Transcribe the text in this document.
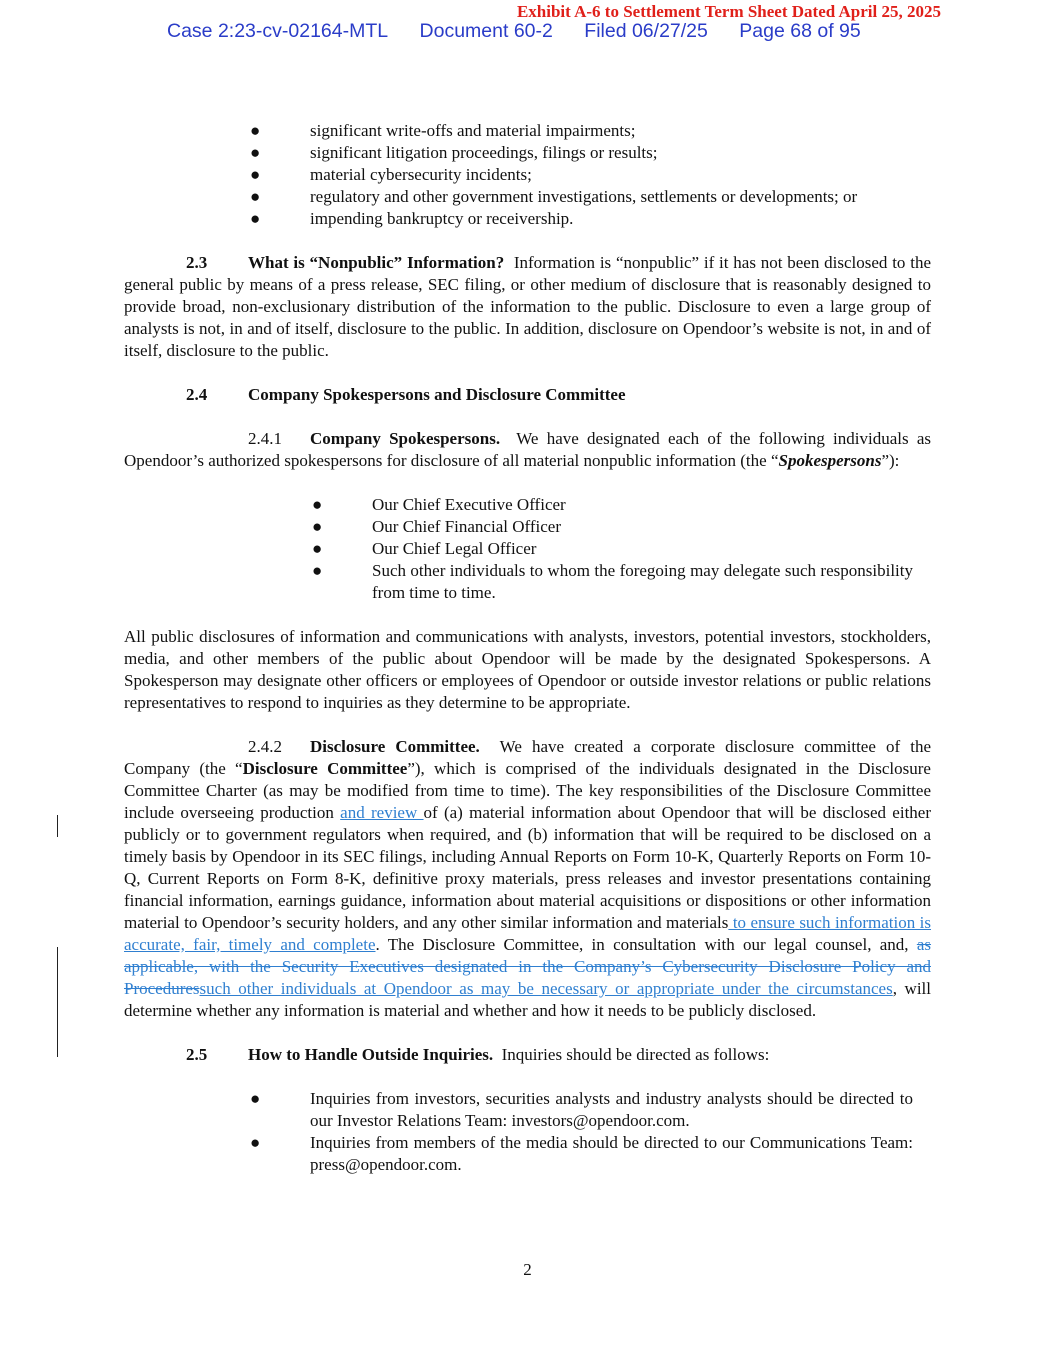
Exhibit A-6 to Settlement Term Sheet Dated April 25, 2025
Case 2:23-cv-02164-MTL Document 60-2 Filed 06/27/25 Page 68 of 95
●	significant write-offs and material impairments;
●	significant litigation proceedings, filings or results;
●	material cybersecurity incidents;
●	regulatory and other government investigations, settlements or developments; or
●	impending bankruptcy or receivership.

2.3 What is “Nonpublic” Information? Information is “nonpublic” if it has not been disclosed to the general public by means of a press release, SEC filing, or other medium of disclosure that is reasonably designed to provide broad, non-exclusionary distribution of the information to the public. Disclosure to even a large group of analysts is not, in and of itself, disclosure to the public. In addition, disclosure on Opendoor’s website is not, in and of itself, disclosure to the public.

2.4 Company Spokespersons and Disclosure Committee

2.4.1 Company Spokespersons. We have designated each of the following individuals as Opendoor’s authorized spokespersons for disclosure of all material nonpublic information (the “Spokespersons”):

●	Our Chief Executive Officer
●	Our Chief Financial Officer
●	Our Chief Legal Officer
●	Such other individuals to whom the foregoing may delegate such responsibility from time to time.

All public disclosures of information and communications with analysts, investors, potential investors, stockholders, media, and other members of the public about Opendoor will be made by the designated Spokespersons. A Spokesperson may designate other officers or employees of Opendoor or outside investor relations or public relations representatives to respond to inquiries as they determine to be appropriate.

2.4.2 Disclosure Committee. We have created a corporate disclosure committee of the Company (the “Disclosure Committee”), which is comprised of the individuals designated in the Disclosure Committee Charter (as may be modified from time to time). The key responsibilities of the Disclosure Committee include overseeing production and review of (a) material information about Opendoor that will be disclosed either publicly or to government regulators when required, and (b) information that will be required to be disclosed on a timely basis by Opendoor in its SEC filings, including Annual Reports on Form 10-K, Quarterly Reports on Form 10-Q, Current Reports on Form 8-K, definitive proxy materials, press releases and investor presentations containing financial information, earnings guidance, information about material acquisitions or dispositions or other information material to Opendoor’s security holders, and any other similar information and materials to ensure such information is accurate, fair, timely and complete. The Disclosure Committee, in consultation with our legal counsel, and, as applicable, with the Security Executives designated in the Company’s Cybersecurity Disclosure Policy and Proceduressuch other individuals at Opendoor as may be necessary or appropriate under the circumstances, will determine whether any information is material and whether and how it needs to be publicly disclosed.

2.5 How to Handle Outside Inquiries. Inquiries should be directed as follows:

●	Inquiries from investors, securities analysts and industry analysts should be directed to our Investor Relations Team: investors@opendoor.com.
●	Inquiries from members of the media should be directed to our Communications Team: press@opendoor.com.
2
